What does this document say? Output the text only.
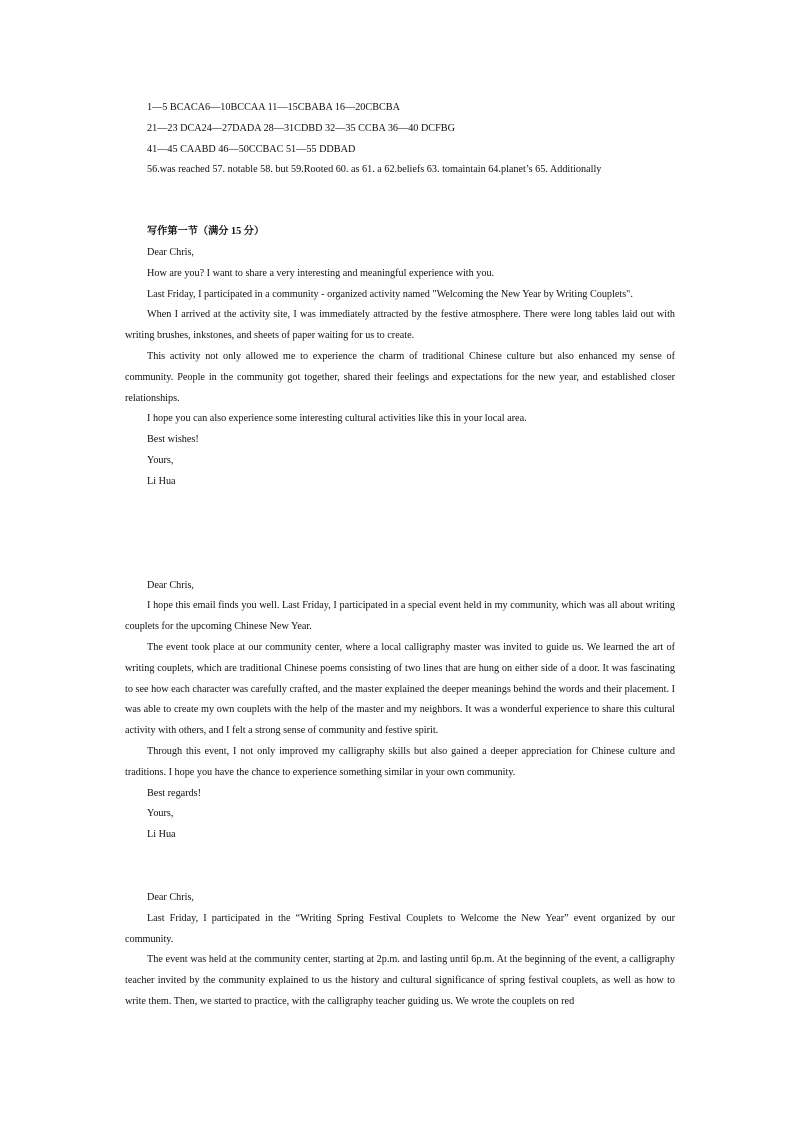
1—5 BCACA6—10BCCAA 11—15CBABA 16—20CBCBA

21—23 DCA24—27DADA 28—31CDBD 32—35 CCBA 36—40 DCFBG

41—45 CAABD 46—50CCBAC 51—55 DDBAD

56.was reached 57. notable 58. but 59.Rooted 60. as 61. a 62.beliefs 63. tomaintain 64.planet’s 65. Additionally

写作第一节（满分 15 分）

Dear Chris,

How are you? I want to share a very interesting and meaningful experience with you.

Last Friday, I participated in a community - organized activity named "Welcoming the New Year by Writing Couplets".

When I arrived at the activity site, I was immediately attracted by the festive atmosphere. There were long tables laid out with writing brushes, inkstones, and sheets of paper waiting for us to create.

This activity not only allowed me to experience the charm of traditional Chinese culture but also enhanced my sense of community. People in the community got together, shared their feelings and expectations for the new year, and established closer relationships.

I hope you can also experience some interesting cultural activities like this in your local area.

Best wishes!

Yours,

Li Hua

Dear Chris,

I hope this email finds you well. Last Friday, I participated in a special event held in my community, which was all about writing couplets for the upcoming Chinese New Year.

The event took place at our community center, where a local calligraphy master was invited to guide us. We learned the art of writing couplets, which are traditional Chinese poems consisting of two lines that are hung on either side of a door. It was fascinating to see how each character was carefully crafted, and the master explained the deeper meanings behind the words and their placement. I was able to create my own couplets with the help of the master and my neighbors. It was a wonderful experience to share this cultural activity with others, and I felt a strong sense of community and festive spirit.

Through this event, I not only improved my calligraphy skills but also gained a deeper appreciation for Chinese culture and traditions. I hope you have the chance to experience something similar in your own community.

Best regards!

Yours,

Li Hua

Dear Chris,

Last Friday, I participated in the “Writing Spring Festival Couplets to Welcome the New Year” event organized by our community.

The event was held at the community center, starting at 2p.m. and lasting until 6p.m. At the beginning of the event, a calligraphy teacher invited by the community explained to us the history and cultural significance of spring festival couplets, as well as how to write them. Then, we started to practice, with the calligraphy teacher guiding us. We wrote the couplets on red
